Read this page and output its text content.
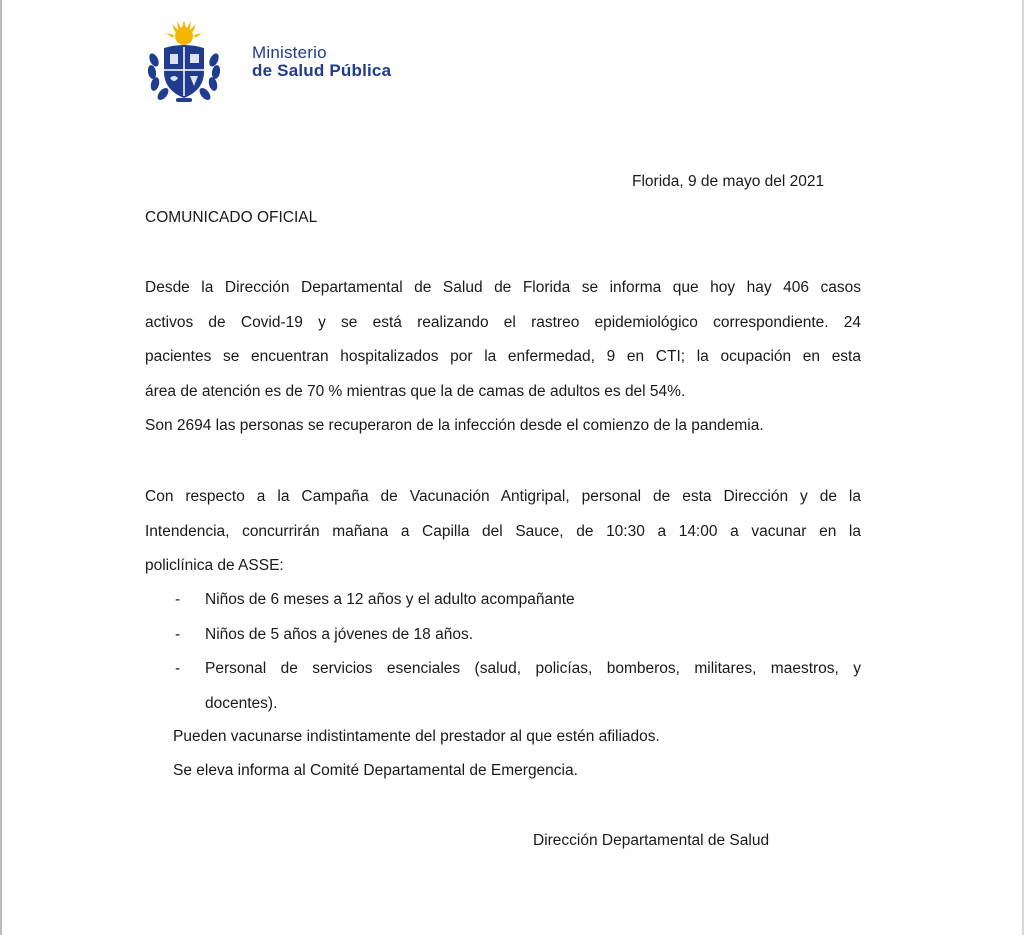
Ministerio
de Salud Pública
Florida, 9 de mayo del 2021
COMUNICADO OFICIAL
Desde la Dirección Departamental de Salud de Florida se informa que hoy hay 406 casos
activos de Covid-19 y se está realizando el rastreo epidemiológico correspondiente. 24
pacientes se encuentran hospitalizados por la enfermedad, 9 en CTI; la ocupación en esta
área de atención es de 70 % mientras que la de camas de adultos es del 54%.
Son 2694 las personas se recuperaron de la infección desde el comienzo de la pandemia.
Con respecto a la Campaña de Vacunación Antigripal, personal de esta Dirección y de la
Intendencia, concurrirán mañana a Capilla del Sauce, de 10:30 a 14:00 a vacunar en la
policlínica de ASSE:
- Niños de 6 meses a 12 años y el adulto acompañante
- Niños de 5 años a jóvenes de 18 años.
- Personal de servicios esenciales (salud, policías, bomberos, militares, maestros, y
docentes).
Pueden vacunarse indistintamente del prestador al que estén afiliados.
Se eleva informa al Comité Departamental de Emergencia.
Dirección Departamental de Salud
